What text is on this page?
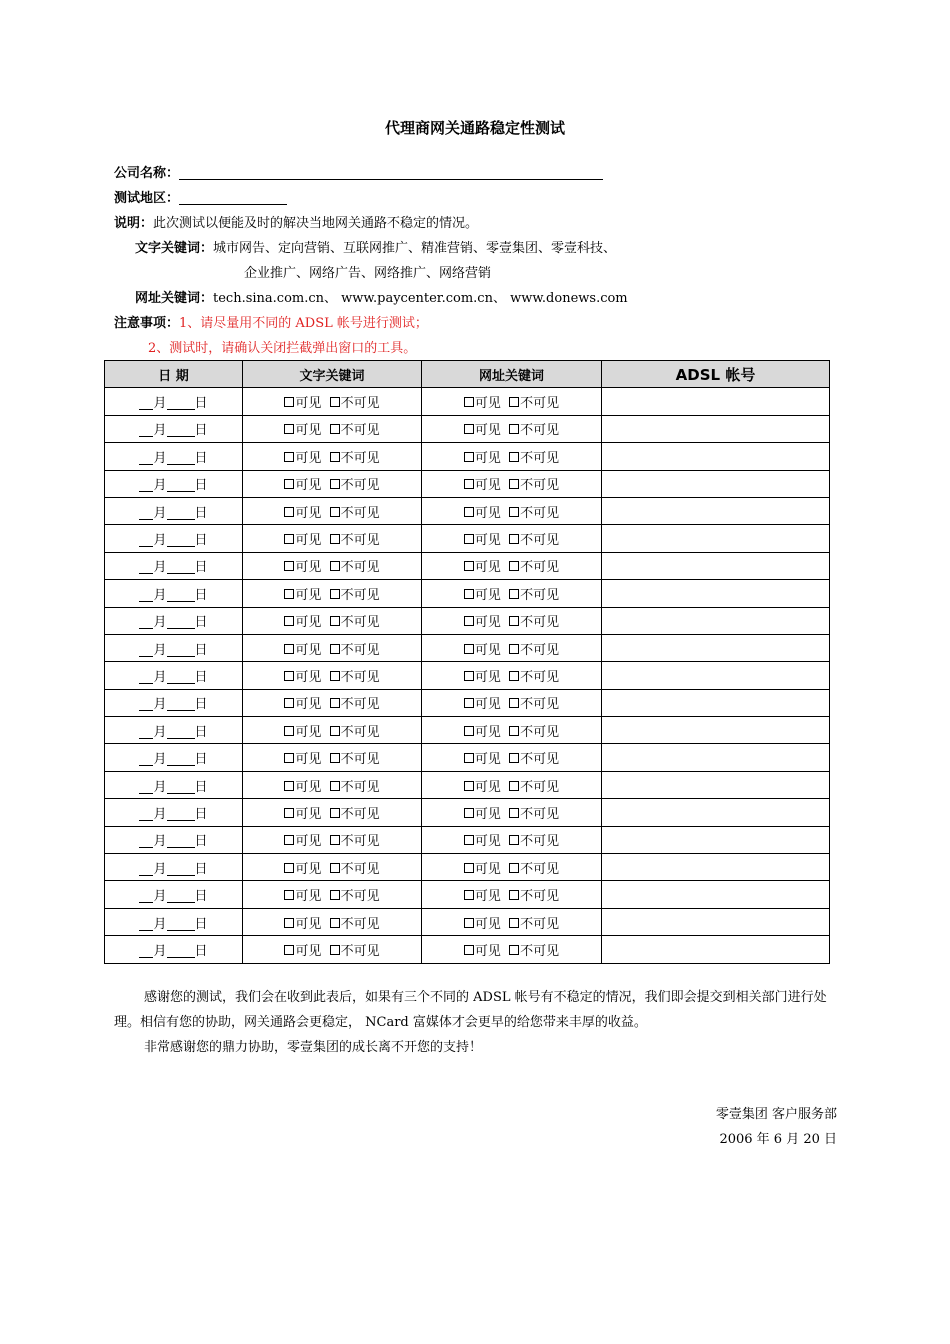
代理商网关通路稳定性测试
公司名称：
测试地区：
说明：此次测试以便能及时的解决当地网关通路不稳定的情况。
文字关键词：城市网告、定向营销、互联网推广、精准营销、零壹集团、零壹科技、
企业推广、网络广告、网络推广、网络营销
网址关键词：tech.sina.com.cn、 www.paycenter.com.cn、 www.donews.com
注意事项：1、请尽量用不同的 ADSL 帐号进行测试；
2、测试时，请确认关闭拦截弹出窗口的工具。
日 期	文字关键词	网址关键词	ADSL 帐号
月 日	可见 不可见	可见 不可见	
月 日	可见 不可见	可见 不可见	
月 日	可见 不可见	可见 不可见	
月 日	可见 不可见	可见 不可见	
月 日	可见 不可见	可见 不可见	
月 日	可见 不可见	可见 不可见	
月 日	可见 不可见	可见 不可见	
月 日	可见 不可见	可见 不可见	
月 日	可见 不可见	可见 不可见	
月 日	可见 不可见	可见 不可见	
月 日	可见 不可见	可见 不可见	
月 日	可见 不可见	可见 不可见	
月 日	可见 不可见	可见 不可见	
月 日	可见 不可见	可见 不可见	
月 日	可见 不可见	可见 不可见	
月 日	可见 不可见	可见 不可见	
月 日	可见 不可见	可见 不可见	
月 日	可见 不可见	可见 不可见	
月 日	可见 不可见	可见 不可见	
月 日	可见 不可见	可见 不可见	
月 日	可见 不可见	可见 不可见	
感谢您的测试，我们会在收到此表后，如果有三个不同的 ADSL 帐号有不稳定的情况，我们即会提交到相关部门进行处理。相信有您的协助，网关通路会更稳定， NCard 富媒体才会更早的给您带来丰厚的收益。
非常感谢您的鼎力协助，零壹集团的成长离不开您的支持！
零壹集团 客户服务部
2006 年 6 月 20 日
